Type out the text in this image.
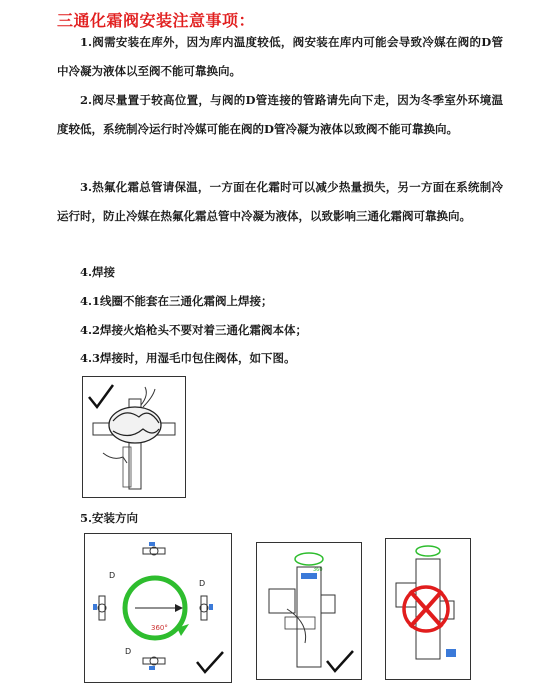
三通化霜阀安装注意事项：
1.阀需安装在库外，因为库内温度较低，阀安装在库内可能会导致冷媒在阀的D管中冷凝为液体以至阀不能可靠换向。
2.阀尽量置于较高位置，与阀的D管连接的管路请先向下走，因为冬季室外环境温度较低，系统制冷运行时冷媒可能在阀的D管冷凝为液体以致阀不能可靠换向。
3.热氟化霜总管请保温，一方面在化霜时可以减少热量损失，另一方面在系统制冷运行时，防止冷媒在热氟化霜总管中冷凝为液体，以致影响三通化霜阀可靠换向。
4.焊接
4.1线圈不能套在三通化霜阀上焊接；
4.2焊接火焰枪头不要对着三通化霜阀本体；
4.3焊接时，用湿毛巾包住阀体，如下图。
5.安装方向
360°
D
D
D
360
